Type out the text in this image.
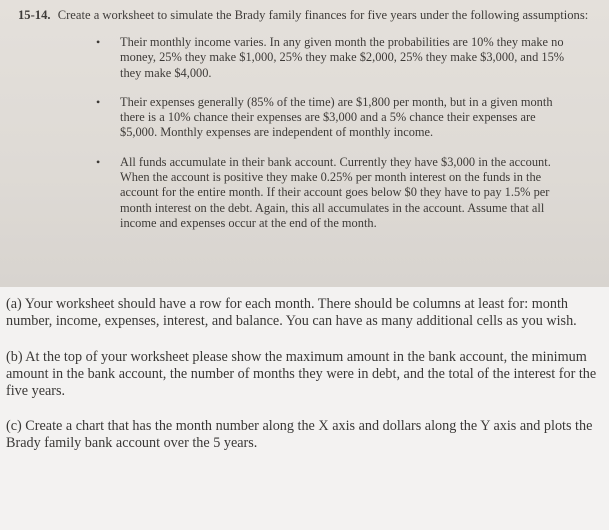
15-14. Create a worksheet to simulate the Brady family finances for five years under the following assumptions:

• Their monthly income varies. In any given month the probabilities are 10% they make no money, 25% they make $1,000, 25% they make $2,000, 25% they make $3,000, and 15% they make $4,000.
• Their expenses generally (85% of the time) are $1,800 per month, but in a given month there is a 10% chance their expenses are $3,000 and a 5% chance their expenses are $5,000. Monthly expenses are independent of monthly income.
• All funds accumulate in their bank account. Currently they have $3,000 in the account. When the account is positive they make 0.25% per month interest on the funds in the account for the entire month. If their account goes below $0 they have to pay 1.5% per month interest on the debt. Again, this all accumulates in the account. Assume that all income and expenses occur at the end of the month.

(a) Your worksheet should have a row for each month. There should be columns at least for: month number, income, expenses, interest, and balance. You can have as many additional cells as you wish.

(b) At the top of your worksheet please show the maximum amount in the bank account, the minimum amount in the bank account, the number of months they were in debt, and the total of the interest for the five years.

(c) Create a chart that has the month number along the X axis and dollars along the Y axis and plots the Brady family bank account over the 5 years.
